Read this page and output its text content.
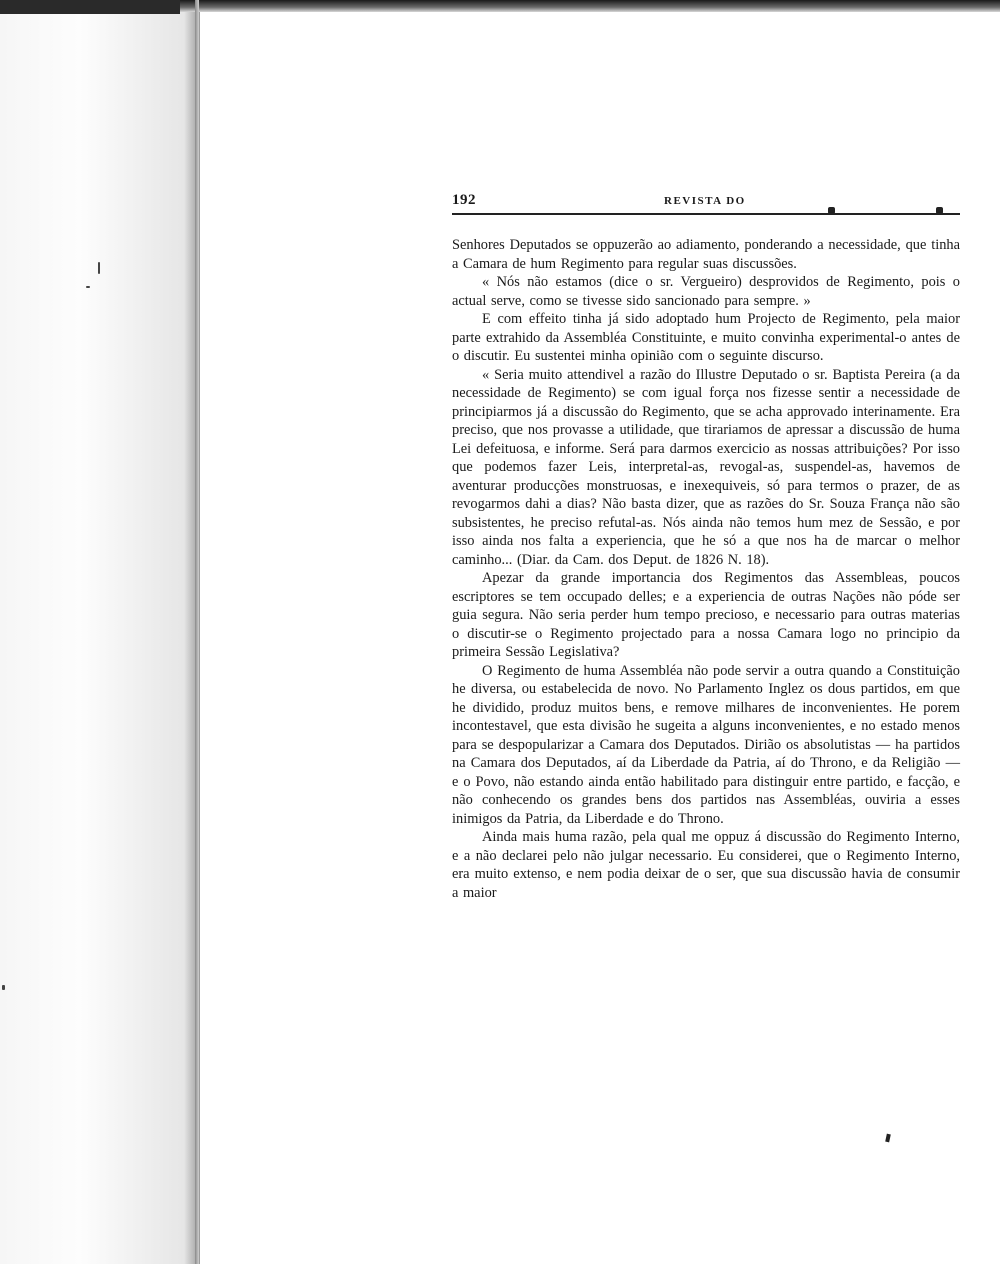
192	REVISTA DO

Senhores Deputados se oppuzerão ao adiamento, ponderando a necessidade, que tinha a Camara de hum Regimento para regular suas discussões.

« Nós não estamos (dice o sr. Vergueiro) desprovidos de Regimento, pois o actual serve, como se tivesse sido sancionado para sempre. »

E com effeito tinha já sido adoptado hum Projecto de Regimento, pela maior parte extrahido da Assembléa Constituinte, e muito convinha experimental-o antes de o discutir. Eu sustentei minha opinião com o seguinte discurso.

« Seria muito attendivel a razão do Illustre Deputado o sr. Baptista Pereira (a da necessidade de Regimento) se com igual força nos fizesse sentir a necessidade de principiarmos já a discussão do Regimento, que se acha approvado interinamente. Era preciso, que nos provasse a utilidade, que tirariamos de apressar a discussão de huma Lei defeituosa, e informe. Será para darmos exercicio as nossas attribuições? Por isso que podemos fazer Leis, interpretal-as, revogal-as, suspendel-as, havemos de aventurar producções monstruosas, e inexequiveis, só para termos o prazer, de as revogarmos dahi a dias? Não basta dizer, que as razões do Sr. Souza França não são subsistentes, he preciso refutal-as. Nós ainda não temos hum mez de Sessão, e por isso ainda nos falta a experiencia, que he só a que nos ha de marcar o melhor caminho... (Diar. da Cam. dos Deput. de 1826 N. 18).

Apezar da grande importancia dos Regimentos das Assembleas, poucos escriptores se tem occupado delles; e a experiencia de outras Nações não póde ser guia segura. Não seria perder hum tempo precioso, e necessario para outras materias o discutir-se o Regimento projectado para a nossa Camara logo no principio da primeira Sessão Legislativa?

O Regimento de huma Assembléa não pode servir a outra quando a Constituição he diversa, ou estabelecida de novo. No Parlamento Inglez os dous partidos, em que he dividido, produz muitos bens, e remove milhares de inconvenientes. He porem incontestavel, que esta divisão he sugeita a alguns inconvenientes, e no estado menos para se despopularizar a Camara dos Deputados. Dirião os absolutistas — ha partidos na Camara dos Deputados, aí da Liberdade da Patria, aí do Throno, e da Religião — e o Povo, não estando ainda então habilitado para distinguir entre partido, e facção, e não conhecendo os grandes bens dos partidos nas Assembléas, ouviria a esses inimigos da Patria, da Liberdade e do Throno.

Ainda mais huma razão, pela qual me oppuz á discussão do Regimento Interno, e a não declarei pelo não julgar necessario. Eu considerei, que o Regimento Interno, era muito extenso, e nem podia deixar de o ser, que sua discussão havia de consumir a maior
